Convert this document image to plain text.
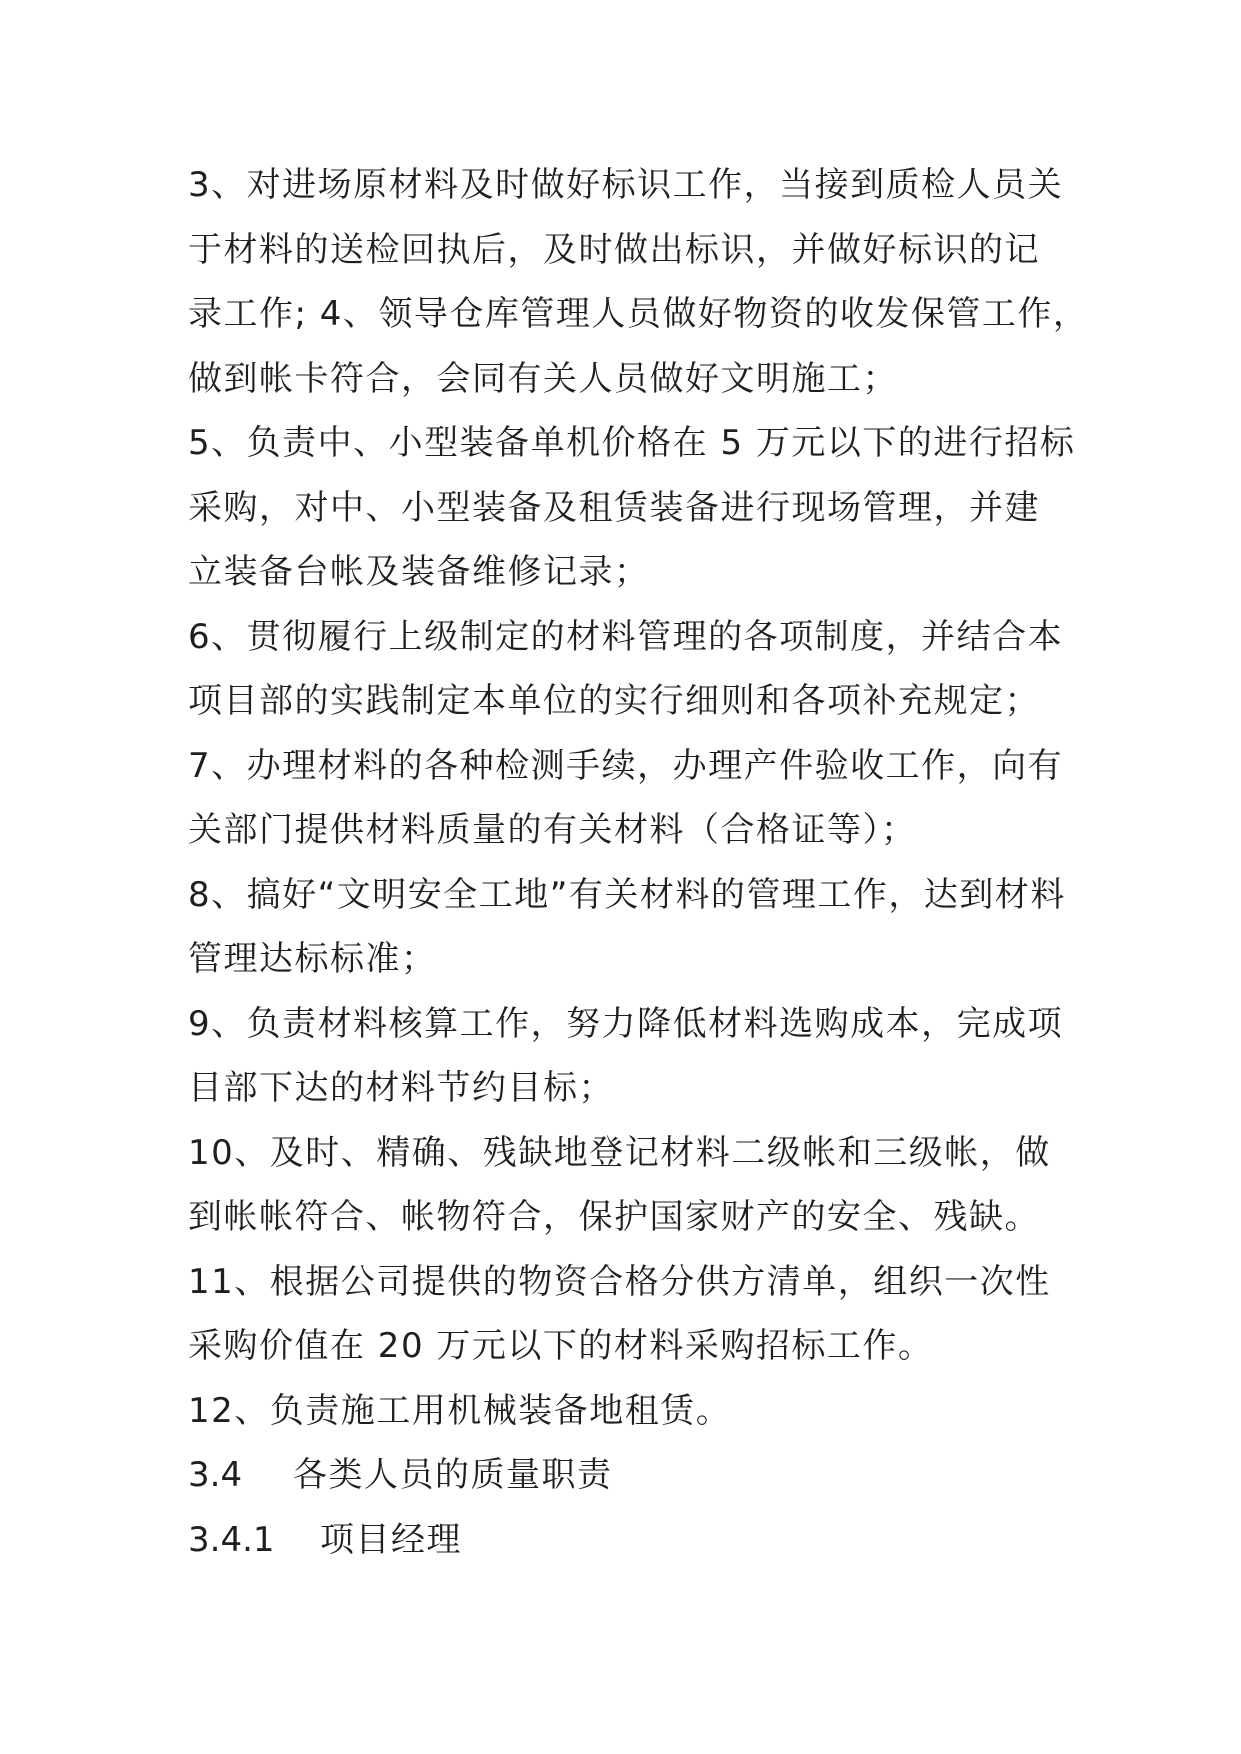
3、对进场原材料及时做好标识工作，当接到质检人员关
于材料的送检回执后，及时做出标识，并做好标识的记
录工作; 4、领导仓库管理人员做好物资的收发保管工作，
做到帐卡符合，会同有关人员做好文明施工；
5、负责中、小型装备单机价格在 5 万元以下的进行招标
采购，对中、小型装备及租赁装备进行现场管理，并建
立装备台帐及装备维修记录；
6、贯彻履行上级制定的材料管理的各项制度，并结合本
项目部的实践制定本单位的实行细则和各项补充规定；
7、办理材料的各种检测手续，办理产件验收工作，向有
关部门提供材料质量的有关材料（合格证等）；
8、搞好“文明安全工地”有关材料的管理工作，达到材料
管理达标标准；
9、负责材料核算工作，努力降低材料选购成本，完成项
目部下达的材料节约目标；
10、及时、精确、残缺地登记材料二级帐和三级帐，做
到帐帐符合、帐物符合，保护国家财产的安全、残缺。
11、根据公司提供的物资合格分供方清单，组织一次性
采购价值在 20 万元以下的材料采购招标工作。
12、负责施工用机械装备地租赁。
3.4 各类人员的质量职责
3.4.1 项目经理
